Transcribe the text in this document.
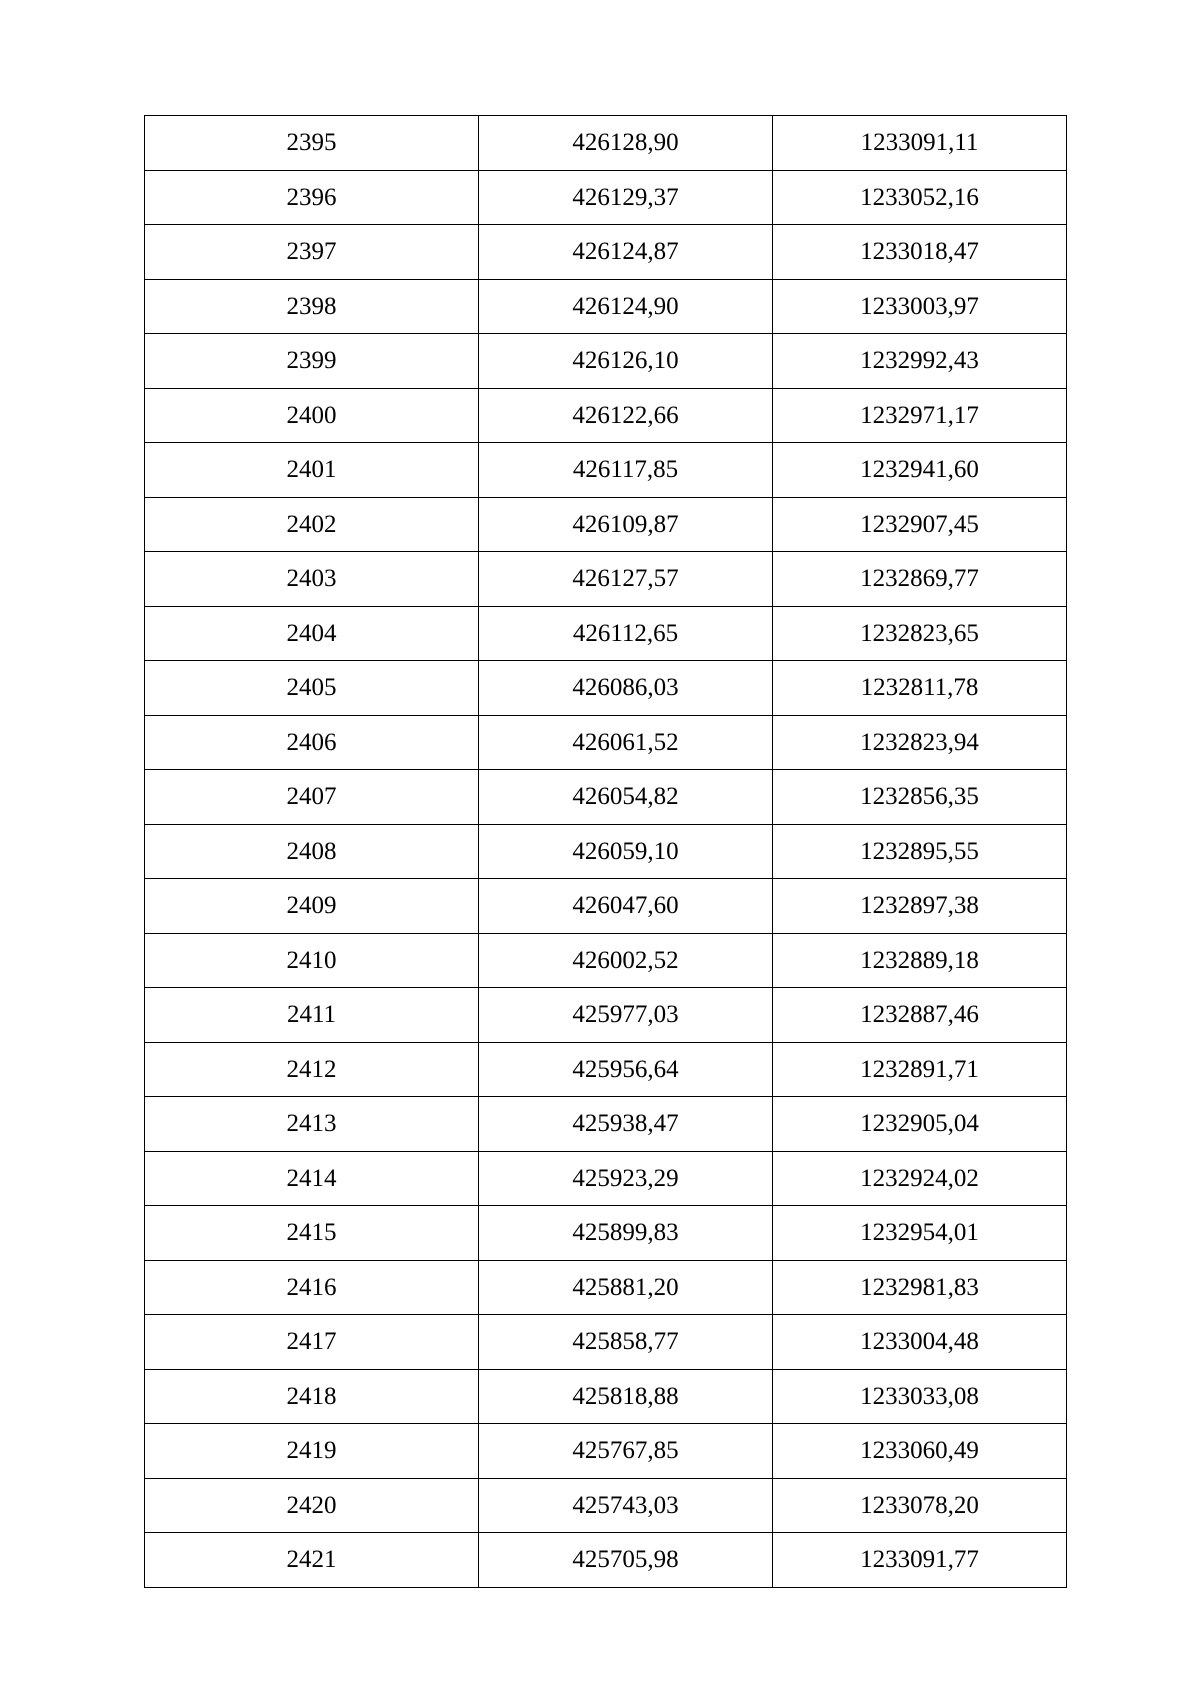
2395	426128,90	1233091,11
2396	426129,37	1233052,16
2397	426124,87	1233018,47
2398	426124,90	1233003,97
2399	426126,10	1232992,43
2400	426122,66	1232971,17
2401	426117,85	1232941,60
2402	426109,87	1232907,45
2403	426127,57	1232869,77
2404	426112,65	1232823,65
2405	426086,03	1232811,78
2406	426061,52	1232823,94
2407	426054,82	1232856,35
2408	426059,10	1232895,55
2409	426047,60	1232897,38
2410	426002,52	1232889,18
2411	425977,03	1232887,46
2412	425956,64	1232891,71
2413	425938,47	1232905,04
2414	425923,29	1232924,02
2415	425899,83	1232954,01
2416	425881,20	1232981,83
2417	425858,77	1233004,48
2418	425818,88	1233033,08
2419	425767,85	1233060,49
2420	425743,03	1233078,20
2421	425705,98	1233091,77
